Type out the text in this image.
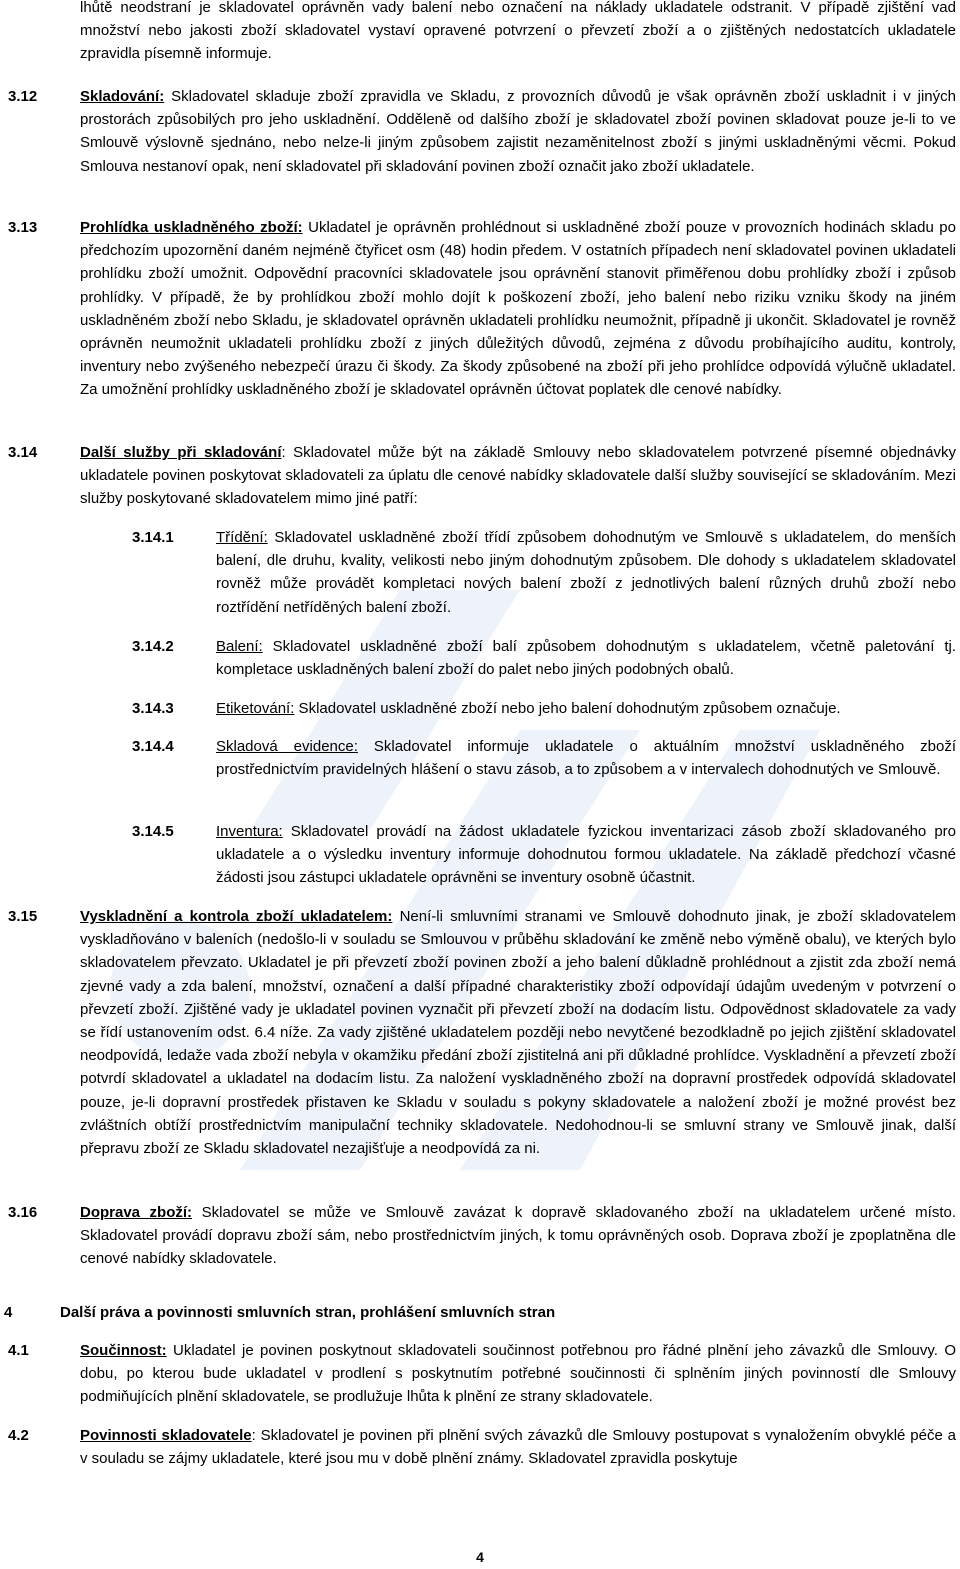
lhůtě neodstraní je skladovatel oprávněn vady balení nebo označení na náklady ukladatele odstranit. V případě zjištění vad množství nebo jakosti zboží skladovatel vystaví opravené potvrzení o převzetí zboží a o zjištěných nedostatcích ukladatele zpravidla písemně informuje.
3.12	Skladování: Skladovatel skladuje zboží zpravidla ve Skladu, z provozních důvodů je však oprávněn zboží uskladnit i v jiných prostorách způsobilých pro jeho uskladnění. Odděleně od dalšího zboží je skladovatel zboží povinen skladovat pouze je-li to ve Smlouvě výslovně sjednáno, nebo nelze-li jiným způsobem zajistit nezaměnitelnost zboží s jinými uskladněnými věcmi. Pokud Smlouva nestanoví opak, není skladovatel při skladování povinen zboží označit jako zboží ukladatele.
3.13	Prohlídka uskladněného zboží: Ukladatel je oprávněn prohlédnout si uskladněné zboží pouze v provozních hodinách skladu po předchozím upozornění daném nejméně čtyřicet osm (48) hodin předem. V ostatních případech není skladovatel povinen ukladateli prohlídku zboží umožnit. Odpovědní pracovníci skladovatele jsou oprávnění stanovit přiměřenou dobu prohlídky zboží i způsob prohlídky. V případě, že by prohlídkou zboží mohlo dojít k poškození zboží, jeho balení nebo riziku vzniku škody na jiném uskladněném zboží nebo Skladu, je skladovatel oprávněn ukladateli prohlídku neumožnit, případně ji ukončit. Skladovatel je rovněž oprávněn neumožnit ukladateli prohlídku zboží z jiných důležitých důvodů, zejména z důvodu probíhajícího auditu, kontroly, inventury nebo zvýšeného nebezpečí úrazu či škody. Za škody způsobené na zboží při jeho prohlídce odpovídá výlučně ukladatel. Za umožnění prohlídky uskladněného zboží je skladovatel oprávněn účtovat poplatek dle cenové nabídky.
3.14	Další služby při skladování: Skladovatel může být na základě Smlouvy nebo skladovatelem potvrzené písemné objednávky ukladatele povinen poskytovat skladovateli za úplatu dle cenové nabídky skladovatele další služby související se skladováním. Mezi služby poskytované skladovatelem mimo jiné patří:
3.14.1	Třídění: Skladovatel uskladněné zboží třídí způsobem dohodnutým ve Smlouvě s ukladatelem, do menších balení, dle druhu, kvality, velikosti nebo jiným dohodnutým způsobem. Dle dohody s ukladatelem skladovatel rovněž může provádět kompletaci nových balení zboží z jednotlivých balení různých druhů zboží nebo roztřídění netříděných balení zboží.
3.14.2	Balení: Skladovatel uskladněné zboží balí způsobem dohodnutým s ukladatelem, včetně paletování tj. kompletace uskladněných balení zboží do palet nebo jiných podobných obalů.
3.14.3	Etiketování: Skladovatel uskladněné zboží nebo jeho balení dohodnutým způsobem označuje.
3.14.4	Skladová evidence: Skladovatel informuje ukladatele o aktuálním množství uskladněného zboží prostřednictvím pravidelných hlášení o stavu zásob, a to způsobem a v intervalech dohodnutých ve Smlouvě.
3.14.5	Inventura: Skladovatel provádí na žádost ukladatele fyzickou inventarizaci zásob zboží skladovaného pro ukladatele a o výsledku inventury informuje dohodnutou formou ukladatele. Na základě předchozí včasné žádosti jsou zástupci ukladatele oprávněni se inventury osobně účastnit.
3.15	Vyskladnění a kontrola zboží ukladatelem: Není-li smluvními stranami ve Smlouvě dohodnuto jinak, je zboží skladovatelem vyskladňováno v baleních (nedošlo-li v souladu se Smlouvou v průběhu skladování ke změně nebo výměně obalu), ve kterých bylo skladovatelem převzato. Ukladatel je při převzetí zboží povinen zboží a jeho balení důkladně prohlédnout a zjistit zda zboží nemá zjevné vady a zda balení, množství, označení a další případné charakteristiky zboží odpovídají údajům uvedeným v potvrzení o převzetí zboží. Zjištěné vady je ukladatel povinen vyznačit při převzetí zboží na dodacím listu. Odpovědnost skladovatele za vady se řídí ustanovením odst. 6.4 níže. Za vady zjištěné ukladatelem později nebo nevytčené bezodkladně po jejich zjištění skladovatel neodpovídá, ledaže vada zboží nebyla v okamžiku předání zboží zjistitelná ani při důkladné prohlídce. Vyskladnění a převzetí zboží potvrdí skladovatel a ukladatel na dodacím listu. Za naložení vyskladněného zboží na dopravní prostředek odpovídá skladovatel pouze, je-li dopravní prostředek přistaven ke Skladu v souladu s pokyny skladovatele a naložení zboží je možné provést bez zvláštních obtíží prostřednictvím manipulační techniky skladovatele. Nedohodnou-li se smluvní strany ve Smlouvě jinak, další přepravu zboží ze Skladu skladovatel nezajišťuje a neodpovídá za ni.
3.16	Doprava zboží: Skladovatel se může ve Smlouvě zavázat k dopravě skladovaného zboží na ukladatelem určené místo. Skladovatel provádí dopravu zboží sám, nebo prostřednictvím jiných, k tomu oprávněných osob. Doprava zboží je zpoplatněna dle cenové nabídky skladovatele.
4	Další práva a povinnosti smluvních stran, prohlášení smluvních stran
4.1	Součinnost: Ukladatel je povinen poskytnout skladovateli součinnost potřebnou pro řádné plnění jeho závazků dle Smlouvy. O dobu, po kterou bude ukladatel v prodlení s poskytnutím potřebné součinnosti či splněním jiných povinností dle Smlouvy podmiňujících plnění skladovatele, se prodlužuje lhůta k plnění ze strany skladovatele.
4.2	Povinnosti skladovatele: Skladovatel je povinen při plnění svých závazků dle Smlouvy postupovat s vynaložením obvyklé péče a v souladu se zájmy ukladatele, které jsou mu v době plnění známy. Skladovatel zpravidla poskytuje
4
